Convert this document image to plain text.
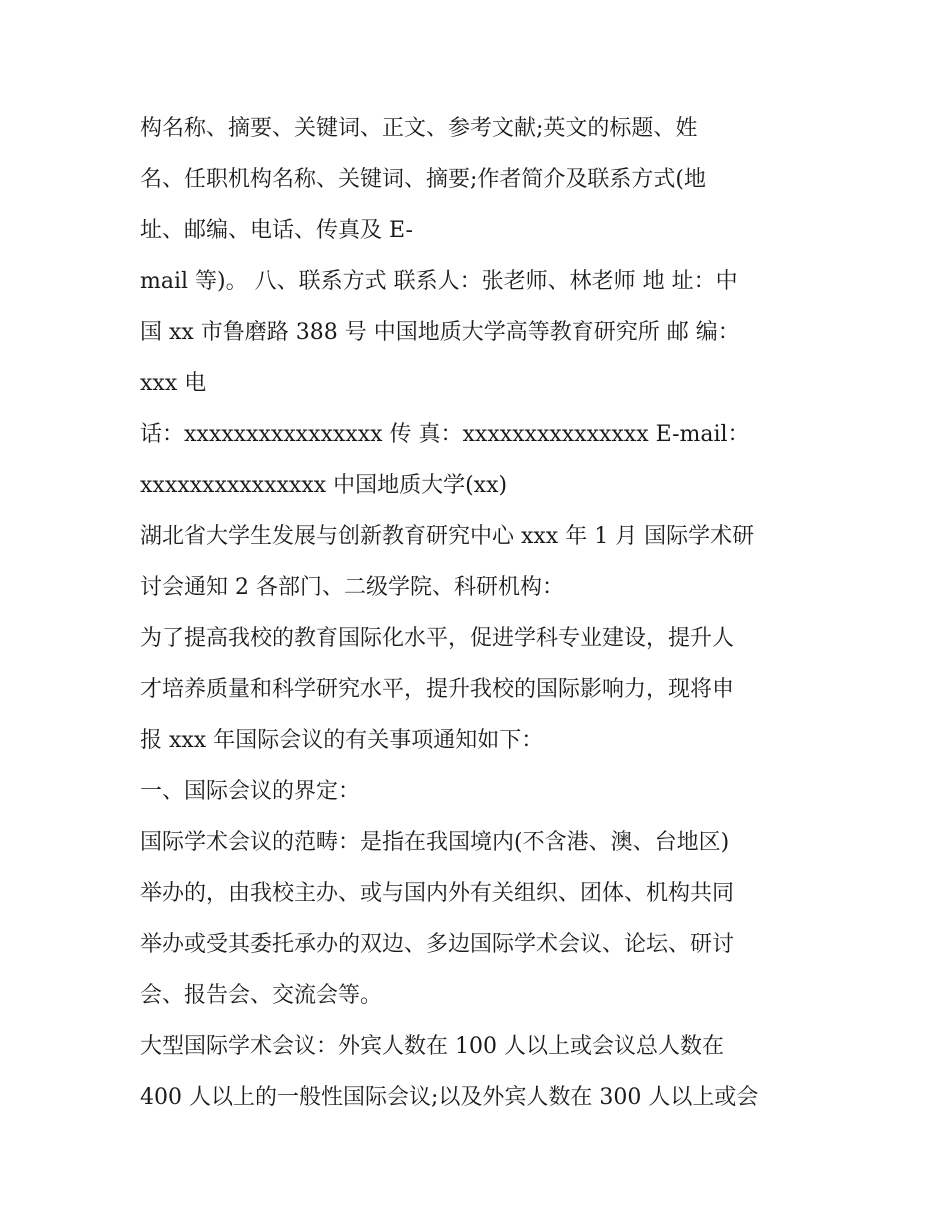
构名称、摘要、关键词、正文、参考文献;英文的标题、姓
名、任职机构名称、关键词、摘要;作者简介及联系方式(地
址、邮编、电话、传真及 E-
mail 等)。 八、联系方式 联系人：张老师、林老师 地 址：中
国 xx 市鲁磨路 388 号 中国地质大学高等教育研究所 邮 编：
xxx 电
话：xxxxxxxxxxxxxxxx 传 真：xxxxxxxxxxxxxxx E-mail：
xxxxxxxxxxxxxxx 中国地质大学(xx)
湖北省大学生发展与创新教育研究中心 xxx 年 1 月 国际学术研
讨会通知 2 各部门、二级学院、科研机构：
为了提高我校的教育国际化水平，促进学科专业建设，提升人
才培养质量和科学研究水平，提升我校的国际影响力，现将申
报 xxx 年国际会议的有关事项通知如下：
一、国际会议的界定：
国际学术会议的范畴：是指在我国境内(不含港、澳、台地区)
举办的，由我校主办、或与国内外有关组织、团体、机构共同
举办或受其委托承办的双边、多边国际学术会议、论坛、研讨
会、报告会、交流会等。
大型国际学术会议：外宾人数在 100 人以上或会议总人数在
400 人以上的一般性国际会议;以及外宾人数在 300 人以上或会
